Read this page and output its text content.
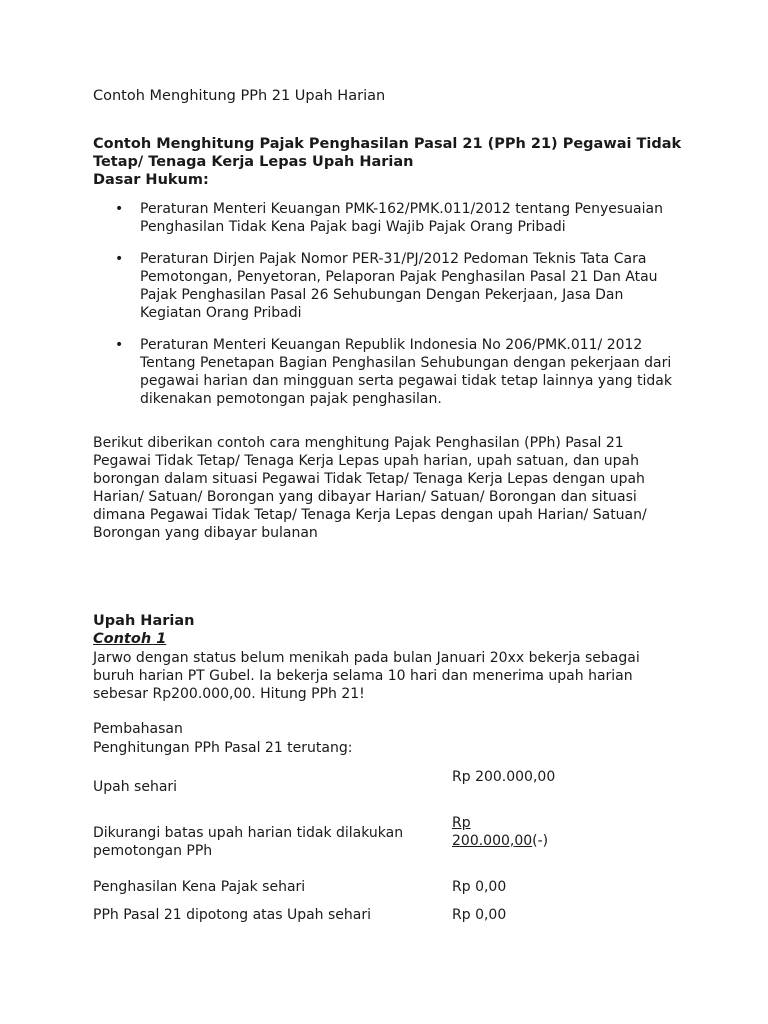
Contoh Menghitung PPh 21 Upah Harian

Contoh Menghitung Pajak Penghasilan Pasal 21 (PPh 21) Pegawai Tidak Tetap/ Tenaga Kerja Lepas Upah Harian

Dasar Hukum:

• Peraturan Menteri Keuangan PMK-162/PMK.011/2012 tentang Penyesuaian Penghasilan Tidak Kena Pajak bagi Wajib Pajak Orang Pribadi
• Peraturan Dirjen Pajak Nomor PER-31/PJ/2012 Pedoman Teknis Tata Cara Pemotongan, Penyetoran, Pelaporan Pajak Penghasilan Pasal 21 Dan Atau Pajak Penghasilan Pasal 26 Sehubungan Dengan Pekerjaan, Jasa Dan Kegiatan Orang Pribadi
• Peraturan Menteri Keuangan Republik Indonesia No 206/PMK.011/ 2012 Tentang Penetapan Bagian Penghasilan Sehubungan dengan pekerjaan dari pegawai harian dan mingguan serta pegawai tidak tetap lainnya yang tidak dikenakan pemotongan pajak penghasilan.

Berikut diberikan contoh cara menghitung Pajak Penghasilan (PPh) Pasal 21 Pegawai Tidak Tetap/ Tenaga Kerja Lepas upah harian, upah satuan, dan upah borongan dalam situasi Pegawai Tidak Tetap/ Tenaga Kerja Lepas dengan upah Harian/ Satuan/ Borongan yang dibayar Harian/ Satuan/ Borongan dan situasi dimana Pegawai Tidak Tetap/ Tenaga Kerja Lepas dengan upah Harian/ Satuan/ Borongan yang dibayar bulanan

Upah Harian
Contoh 1

Jarwo dengan status belum menikah pada bulan Januari 20xx bekerja sebagai buruh harian PT Gubel. Ia bekerja selama 10 hari dan menerima upah harian sebesar Rp200.000,00. Hitung PPh 21!

Pembahasan
Penghitungan PPh Pasal 21 terutang:
Upah sehari
Rp 200.000,00
Dikurangi batas upah harian tidak dilakukan pemotongan PPh
Rp 200.000,00(-)
Penghasilan Kena Pajak sehari	Rp 0,00
PPh Pasal 21 dipotong atas Upah sehari	Rp 0,00
